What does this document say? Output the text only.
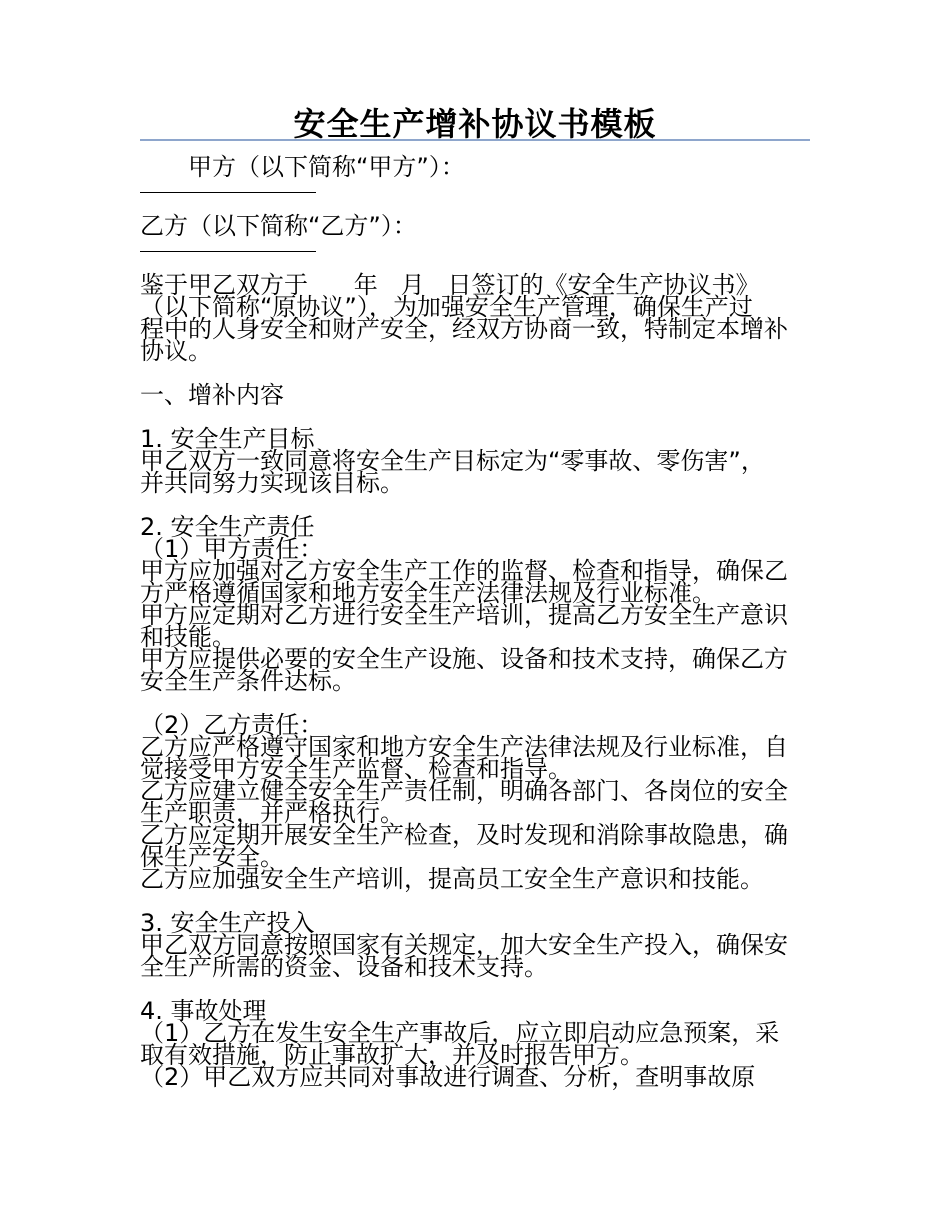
安全生产增补协议书模板
甲方（以下简称“甲方”）：
乙方（以下简称“乙方”）：
鉴于甲乙双方于      年   月   日签订的《安全生产协议书》
（以下简称“原协议”），为加强安全生产管理，确保生产过
程中的人身安全和财产安全，经双方协商一致，特制定本增补
协议。
一、增补内容
1. 安全生产目标
甲乙双方一致同意将安全生产目标定为“零事故、零伤害”，
并共同努力实现该目标。
2. 安全生产责任
（1）甲方责任：
甲方应加强对乙方安全生产工作的监督、检查和指导，确保乙
方严格遵循国家和地方安全生产法律法规及行业标准。
甲方应定期对乙方进行安全生产培训，提高乙方安全生产意识
和技能。
甲方应提供必要的安全生产设施、设备和技术支持，确保乙方
安全生产条件达标。
（2）乙方责任：
乙方应严格遵守国家和地方安全生产法律法规及行业标准，自
觉接受甲方安全生产监督、检查和指导。
乙方应建立健全安全生产责任制，明确各部门、各岗位的安全
生产职责，并严格执行。
乙方应定期开展安全生产检查，及时发现和消除事故隐患，确
保生产安全。
乙方应加强安全生产培训，提高员工安全生产意识和技能。
3. 安全生产投入
甲乙双方同意按照国家有关规定，加大安全生产投入，确保安
全生产所需的资金、设备和技术支持。
4. 事故处理
（1）乙方在发生安全生产事故后，应立即启动应急预案，采
取有效措施，防止事故扩大，并及时报告甲方。
（2）甲乙双方应共同对事故进行调查、分析，查明事故原
